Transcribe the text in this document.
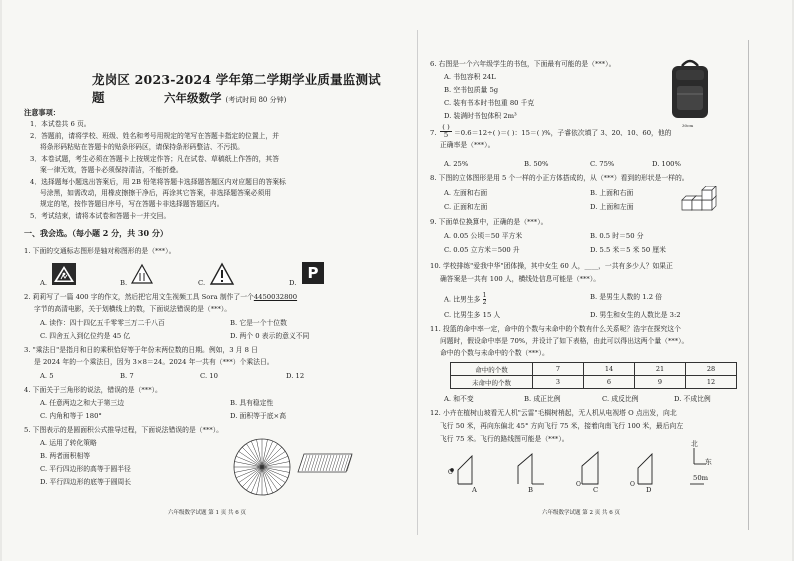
龙岗区 2023-2024 学年第二学期学业质量监测试题	六年级数学 (考试时间 80 分钟)
注意事项：
1．本试卷共 6 页。
2．答题前，请将学校、班级、姓名和考号用规定的笔写在答题卡指定的位置上，并
将条形码粘贴在答题卡的贴条形码区，请保持条形码整洁、不污损。
3．本卷试题，考生必须在答题卡上按规定作答；凡在试卷、草稿纸上作答的，其答
案一律无效，答题卡必须保持清洁，不能折叠。
4．选择题每小题选出答案后，用 2B 铅笔将答题卡选择题答题区内对应题目的答案标
号涂黑，如需改动，用橡皮擦擦干净后，再涂其它答案，非选择题答案必须用
规定的笔，按作答题目序号，写在答题卡非选择题答题区内。
5．考试结束，请将本试卷和答题卡一并交回。
一、我会选。（每小题 2 分，共 30 分）
1. 下面的交通标志图形是轴对称图形的是（***）。
A.	B.	C.	D.
P
2. 莉莉写了一篇 400 字的作文，然后把它用文生视频工具 Sora 制作了一个4450032800
字节的高清电影，关于划横线上的数，下面说法错误的是（***）。
A. 读作：四十四亿五千零零三万二千八百	B. 它是一个十位数
C. 四舍五入到亿位约是 45 亿	D. 两个 0 表示的意义不同
3. "乘法日"是指月和日的乘积恰好等于年份末两位数的日期。例如，3 月 8 日
是 2024 年的一个乘法日，因为 3×8＝24。2024 年一共有（***）个乘法日。
A. 5	B. 7	C. 10	D. 12
4. 下面关于三角形的说法，错误的是（***）。
A. 任意两边之和大于第三边	B. 具有稳定性
C. 内角和等于 180°	D. 面积等于底×高
5. 下图表示的是圆面积公式推导过程，下面说法错误的是（***）。
A. 运用了转化策略
B. 两者面积相等
C. 平行四边形的高等于圆半径
D. 平行四边形的底等于圆周长
六年级数学试题 第 1 页 共 6 页
6. 右图是一个六年级学生的书包，下面最有可能的是（***）。
A. 书包容积 24L
B. 空书包质量 5g
C. 装有书本时书包重 80 千克
D. 装满时书包体积 2m³
30cm
7.
( )
5 ＝0.6＝12÷( )＝( )：15＝( )%，子睿依次填了 3、20、10、60，他的
正确率是（***）。
A. 25%	B. 50%	C. 75%	D. 100%
8. 下图的立体图形是用 5 个一样的小正方体搭成的，从（***）看到的形状是一样的。
A. 左面和右面	B. 上面和右面
C. 正面和左面	D. 上面和左面
9. 下面单位换算中，正确的是（***）。
A. 0.05 公顷＝50 平方米	B. 0.5 时＝50 分
C. 0.05 立方米＝500 升	D. 5.5 米＝5 米 50 厘米
10. 学校排练"爱我中华"团体操，其中女生 60 人，____，一共有多少人？如果正
确答案是一共有 100 人，横线处信息可能是（***）。
A. 比男生多 $\frac{1}{2}$	B. 是男生人数的 1.2 倍
C. 比男生多 15 人	D. 男生和女生的人数比是 3:2
11. 投篮的命中率一定，命中的个数与未命中的个数有什么关系呢？浩宇在探究这个
问题时，假设命中率是 70%，并设计了如下表格，由此可以得出这两个量（***）。
命中的个数与未命中的个数（***）。
命中的个数	7	14	21	28
未命中的个数	3	6	9	12
A. 和不变	B. 成正比例	C. 成反比例	D. 不成比例
12. 小卉在植树山坡看无人机"云雷"毛榈树梢起，无人机从电视塔 O 点出发，向北
飞行 50 米，再向东偏北 45° 方向飞行 75 米，接着向南飞行 100 米，最后向左
飞行 75 米。飞行的路线图可能是（***）。
O
O	O
A	B	C	D
北
东
50m
六年级数学试题 第 2 页 共 6 页
